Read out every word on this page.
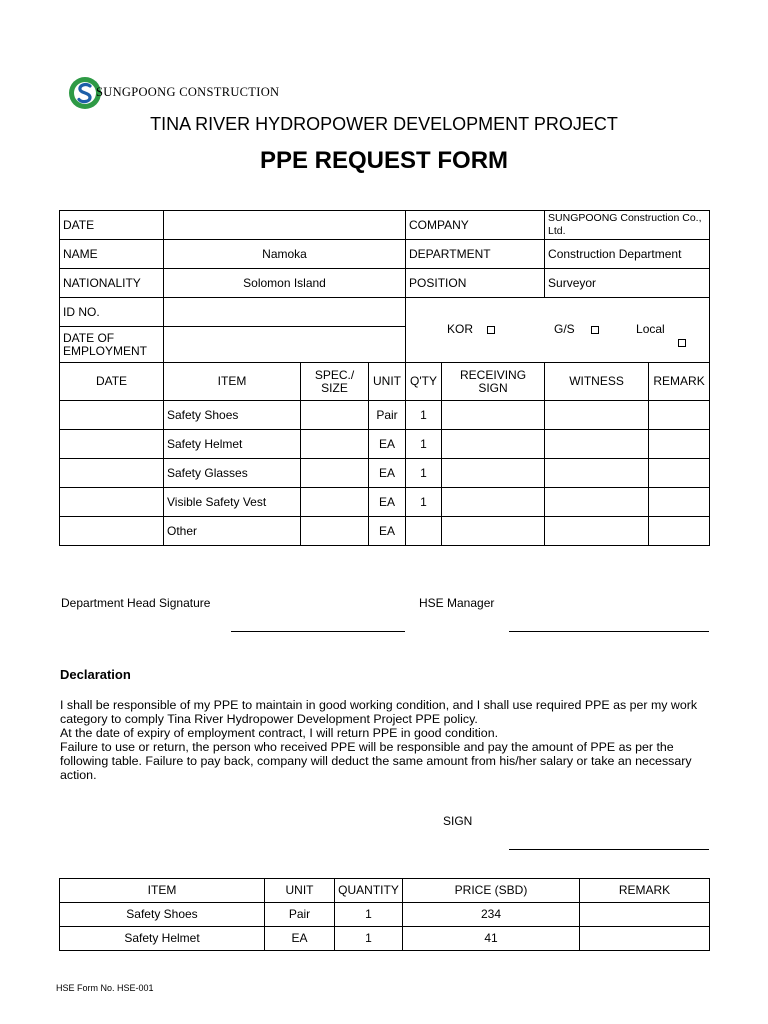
SUNGPOONG CONSTRUCTION
TINA RIVER HYDROPOWER DEVELOPMENT PROJECT
PPE REQUEST FORM
DATE				COMPANY		SUNGPOONG Construction Co., Ltd.	
NAME	Namoka			DEPARTMENT		Construction Department	
NATIONALITY	Solomon Island			POSITION		Surveyor	
ID NO.				KOR G/S Local			

DATE OF EMPLOYMENT							
DATE	ITEM	SPEC./ SIZE	UNIT	Q'TY	RECEIVING SIGN	WITNESS	REMARK
	Safety Shoes		Pair	1			
	Safety Helmet		EA	1			
	Safety Glasses		EA	1			
	Visible Safety Vest		EA	1			
	Other		EA				
Department Head Signature	HSE Manager
Declaration

I shall be responsible of my PPE to maintain in good working condition, and I shall use required PPE as per my work category to comply Tina River Hydropower Development Project PPE policy.

At the date of expiry of employment contract, I will return PPE in good condition.

Failure to use or return, the person who received PPE will be responsible and pay the amount of PPE as per the following table. Failure to pay back, company will deduct the same amount from his/her salary or take an necessary action.

SIGN
ITEM	UNIT	QUANTITY	PRICE (SBD)	REMARK
Safety Shoes	Pair	1	234	
Safety Helmet	EA	1	41	
HSE Form No. HSE-001
